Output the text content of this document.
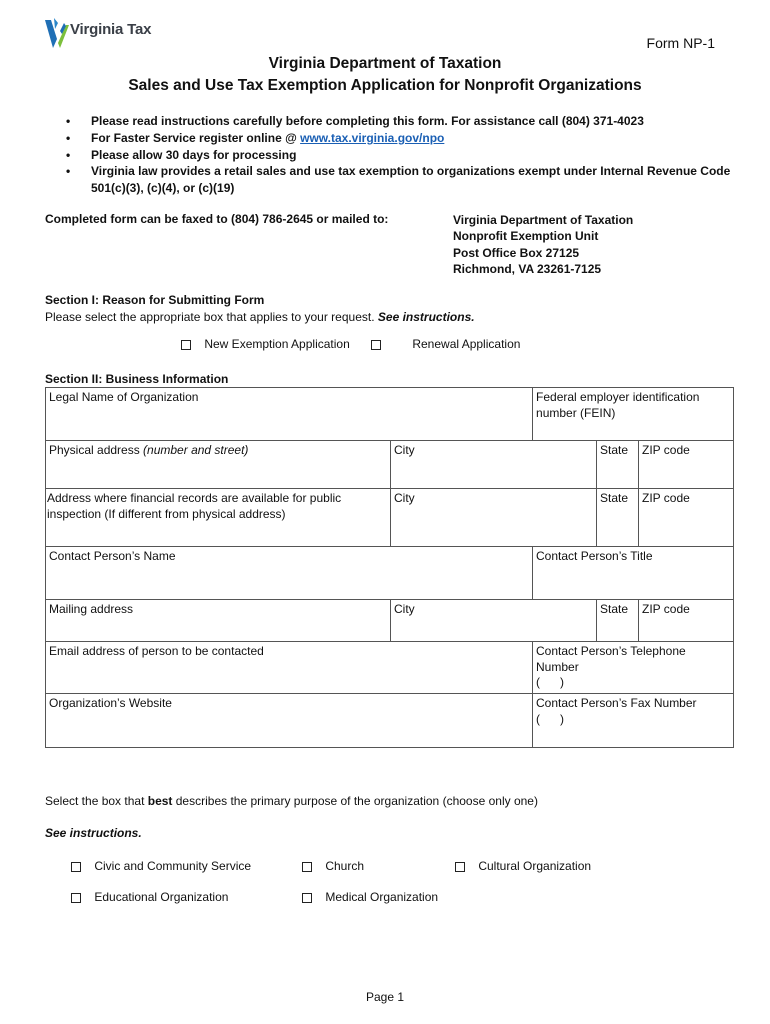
Virginia Tax
Form NP-1
Virginia Department of Taxation
Sales and Use Tax Exemption Application for Nonprofit Organizations
• Please read instructions carefully before completing this form. For assistance call (804) 371-4023
• For Faster Service register online @ www.tax.virginia.gov/npo
• Please allow 30 days for processing
• Virginia law provides a retail sales and use tax exemption to organizations exempt under Internal Revenue Code 501(c)(3), (c)(4), or (c)(19)
Completed form can be faxed to (804) 786-2645 or mailed to:	Virginia Department of Taxation
Nonprofit Exemption Unit
Post Office Box 27125
Richmond, VA 23261-7125
Section I: Reason for Submitting Form
Please select the appropriate box that applies to your request. See instructions.
New Exemption Application	Renewal Application
Section II: Business Information
Legal Name of Organization		Federal employer identification number (FEIN)		
Physical address (number and street)	City		State	ZIP code
Address where financial records are available for public inspection (If different from physical address)	City		State	ZIP code
Contact Person’s Name		Contact Person’s Title		
Mailing address	City		State	ZIP code
Email address of person to be contacted		Contact Person’s Telephone Number
(      )		

Organization’s Website		Contact Person’s Fax Number
(      )		
Select the box that best describes the primary purpose of the organization (choose only one)
See instructions.
Civic and Community Service	Church	Cultural Organization
Educational Organization	Medical Organization
Page 1
